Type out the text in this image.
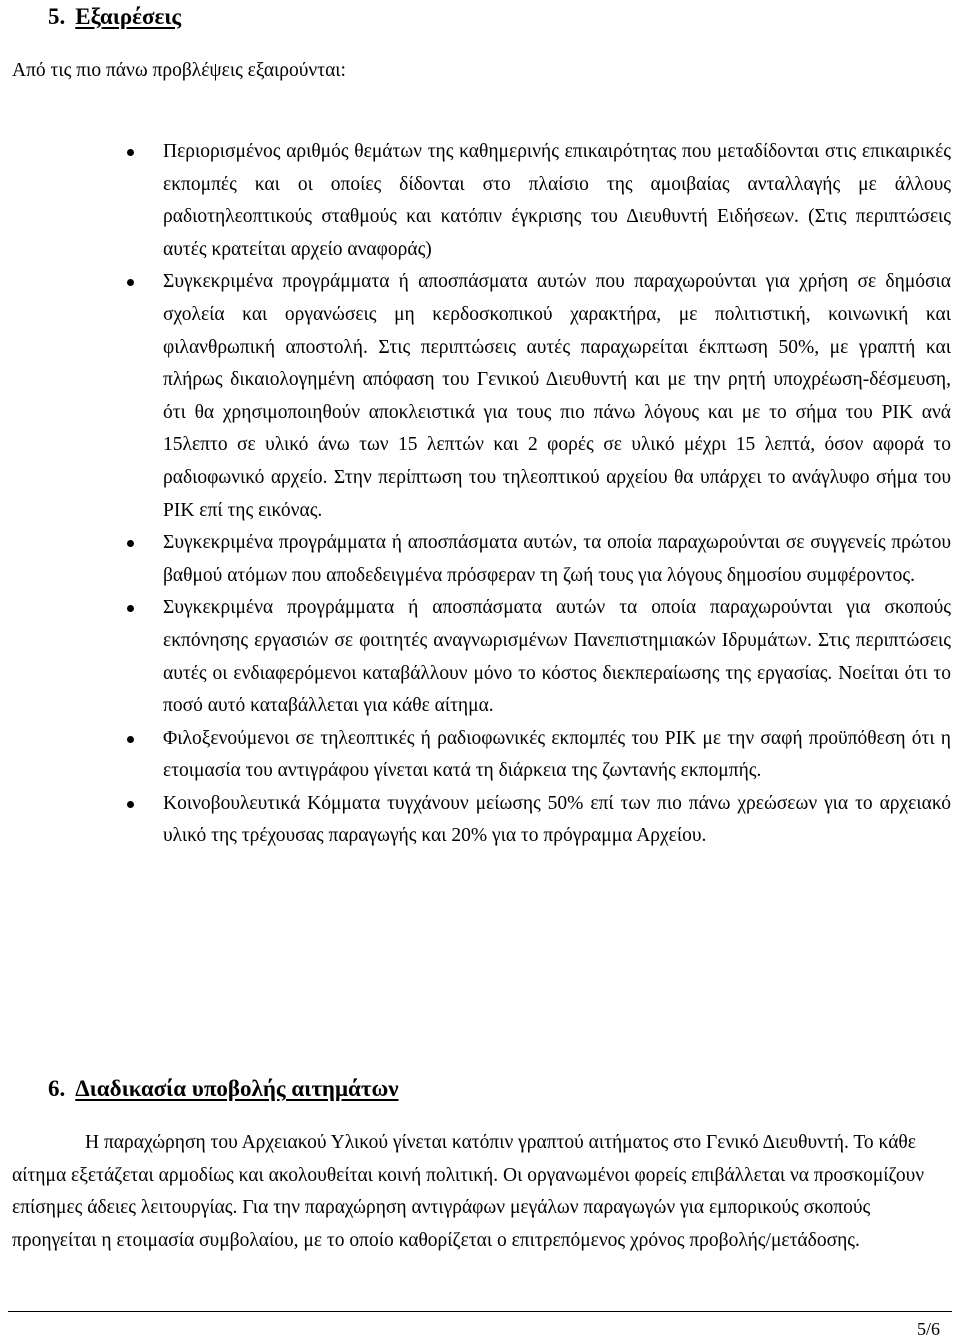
5. Εξαιρέσεις
Από τις πιο πάνω προβλέψεις εξαιρούνται:
Περιορισμένος αριθμός θεμάτων της καθημερινής επικαιρότητας που μεταδίδονται στις επικαιρικές εκπομπές και οι οποίες δίδονται στο πλαίσιο της αμοιβαίας ανταλλαγής με άλλους ραδιοτηλεοπτικούς σταθμούς και κατόπιν έγκρισης του Διευθυντή Ειδήσεων. (Στις περιπτώσεις αυτές κρατείται αρχείο αναφοράς)
Συγκεκριμένα προγράμματα ή αποσπάσματα αυτών που παραχωρούνται για χρήση σε δημόσια σχολεία και οργανώσεις μη κερδοσκοπικού χαρακτήρα, με πολιτιστική, κοινωνική και φιλανθρωπική αποστολή. Στις περιπτώσεις αυτές παραχωρείται έκπτωση 50%, με γραπτή και πλήρως δικαιολογημένη απόφαση του Γενικού Διευθυντή και με την ρητή υποχρέωση-δέσμευση, ότι θα χρησιμοποιηθούν αποκλειστικά για τους πιο πάνω λόγους και με το σήμα του ΡΙΚ ανά 15λεπτο σε υλικό άνω των 15 λεπτών και 2 φορές σε υλικό μέχρι 15 λεπτά, όσον αφορά το ραδιοφωνικό αρχείο. Στην περίπτωση του τηλεοπτικού αρχείου θα υπάρχει το ανάγλυφο σήμα του ΡΙΚ επί της εικόνας.
Συγκεκριμένα προγράμματα ή αποσπάσματα αυτών, τα οποία παραχωρούνται σε συγγενείς πρώτου βαθμού ατόμων που αποδεδειγμένα πρόσφεραν τη ζωή τους για λόγους δημοσίου συμφέροντος.
Συγκεκριμένα προγράμματα ή αποσπάσματα αυτών τα οποία παραχωρούνται για σκοπούς εκπόνησης εργασιών σε φοιτητές αναγνωρισμένων Πανεπιστημιακών Ιδρυμάτων. Στις περιπτώσεις αυτές οι ενδιαφερόμενοι καταβάλλουν μόνο το κόστος διεκπεραίωσης της εργασίας. Νοείται ότι το ποσό αυτό καταβάλλεται για κάθε αίτημα.
Φιλοξενούμενοι σε τηλεοπτικές ή ραδιοφωνικές εκπομπές του ΡΙΚ με την σαφή προϋπόθεση ότι η ετοιμασία του αντιγράφου γίνεται κατά τη διάρκεια της ζωντανής εκπομπής.
Κοινοβουλευτικά Κόμματα τυγχάνουν μείωσης 50% επί των πιο πάνω χρεώσεων για το αρχειακό υλικό της τρέχουσας παραγωγής και 20% για το πρόγραμμα Αρχείου.
6. Διαδικασία υποβολής αιτημάτων
Η παραχώρηση του Αρχειακού Υλικού γίνεται κατόπιν γραπτού αιτήματος στο Γενικό Διευθυντή. Το κάθε αίτημα εξετάζεται αρμοδίως και ακολουθείται κοινή πολιτική. Οι οργανωμένοι φορείς επιβάλλεται να προσκομίζουν επίσημες άδειες λειτουργίας. Για την παραχώρηση αντιγράφων μεγάλων παραγωγών για εμπορικούς σκοπούς προηγείται η ετοιμασία συμβολαίου, με το οποίο καθορίζεται ο επιτρεπόμενος χρόνος προβολής/μετάδοσης.
5/6
